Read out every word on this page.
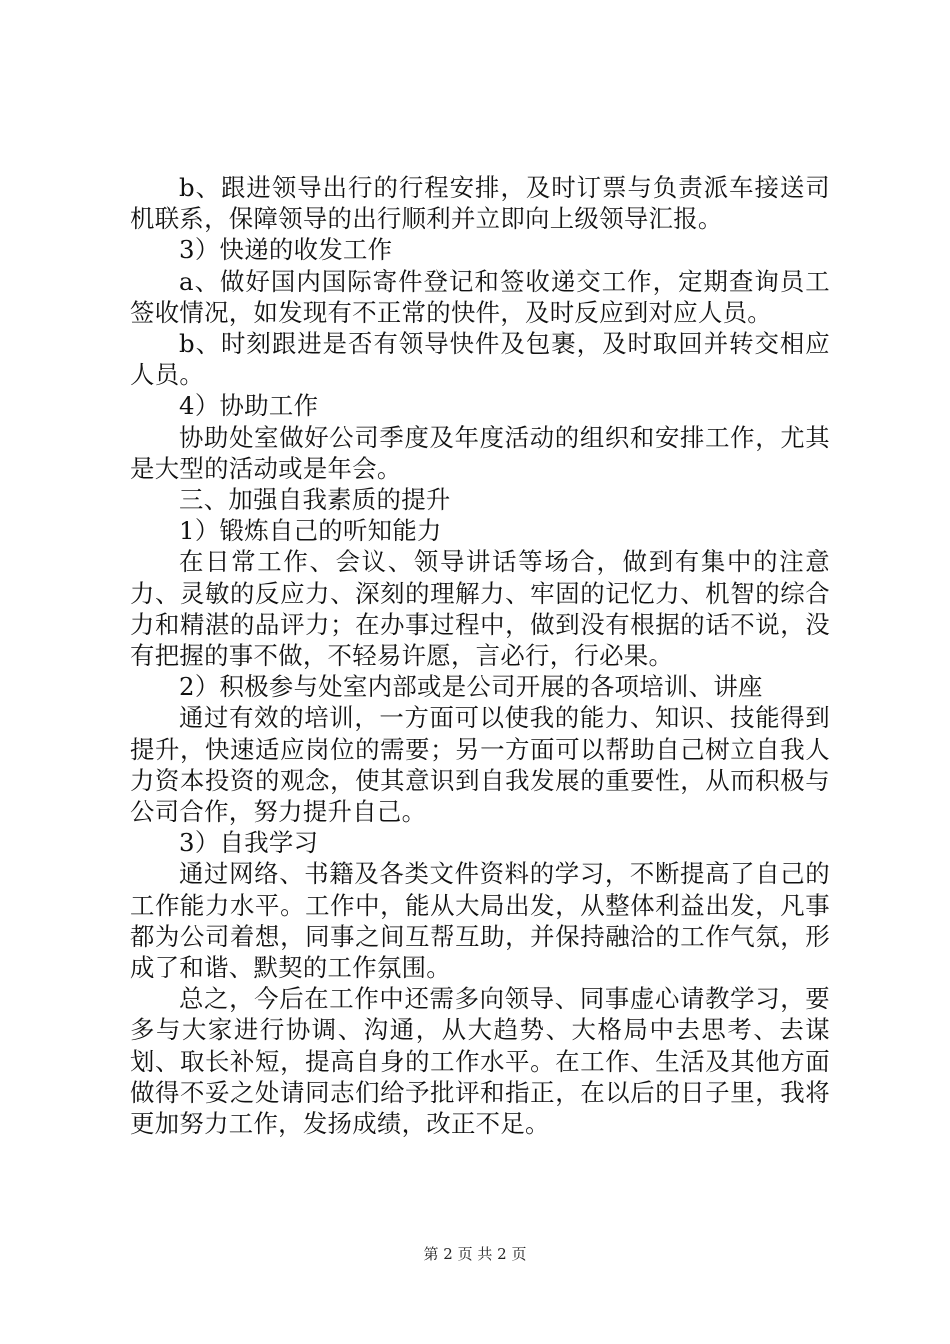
b、跟进领导出行的行程安排，及时订票与负责派车接送司机联系，保障领导的出行顺利并立即向上级领导汇报。

3）快递的收发工作

a、做好国内国际寄件登记和签收递交工作，定期查询员工签收情况，如发现有不正常的快件，及时反应到对应人员。

b、时刻跟进是否有领导快件及包裹，及时取回并转交相应人员。

4）协助工作

协助处室做好公司季度及年度活动的组织和安排工作，尤其是大型的活动或是年会。

三、加强自我素质的提升

1）锻炼自己的听知能力

在日常工作、会议、领导讲话等场合，做到有集中的注意力、灵敏的反应力、深刻的理解力、牢固的记忆力、机智的综合力和精湛的品评力；在办事过程中，做到没有根据的话不说，没有把握的事不做，不轻易许愿，言必行，行必果。

2）积极参与处室内部或是公司开展的各项培训、讲座

通过有效的培训，一方面可以使我的能力、知识、技能得到提升，快速适应岗位的需要；另一方面可以帮助自己树立自我人力资本投资的观念，使其意识到自我发展的重要性，从而积极与公司合作，努力提升自己。

3）自我学习

通过网络、书籍及各类文件资料的学习，不断提高了自己的工作能力水平。工作中，能从大局出发，从整体利益出发，凡事都为公司着想，同事之间互帮互助，并保持融洽的工作气氛，形成了和谐、默契的工作氛围。

总之，今后在工作中还需多向领导、同事虚心请教学习，要多与大家进行协调、沟通，从大趋势、大格局中去思考、去谋划、取长补短，提高自身的工作水平。在工作、生活及其他方面做得不妥之处请同志们给予批评和指正，在以后的日子里，我将更加努力工作，发扬成绩，改正不足。

第 2 页 共 2 页
